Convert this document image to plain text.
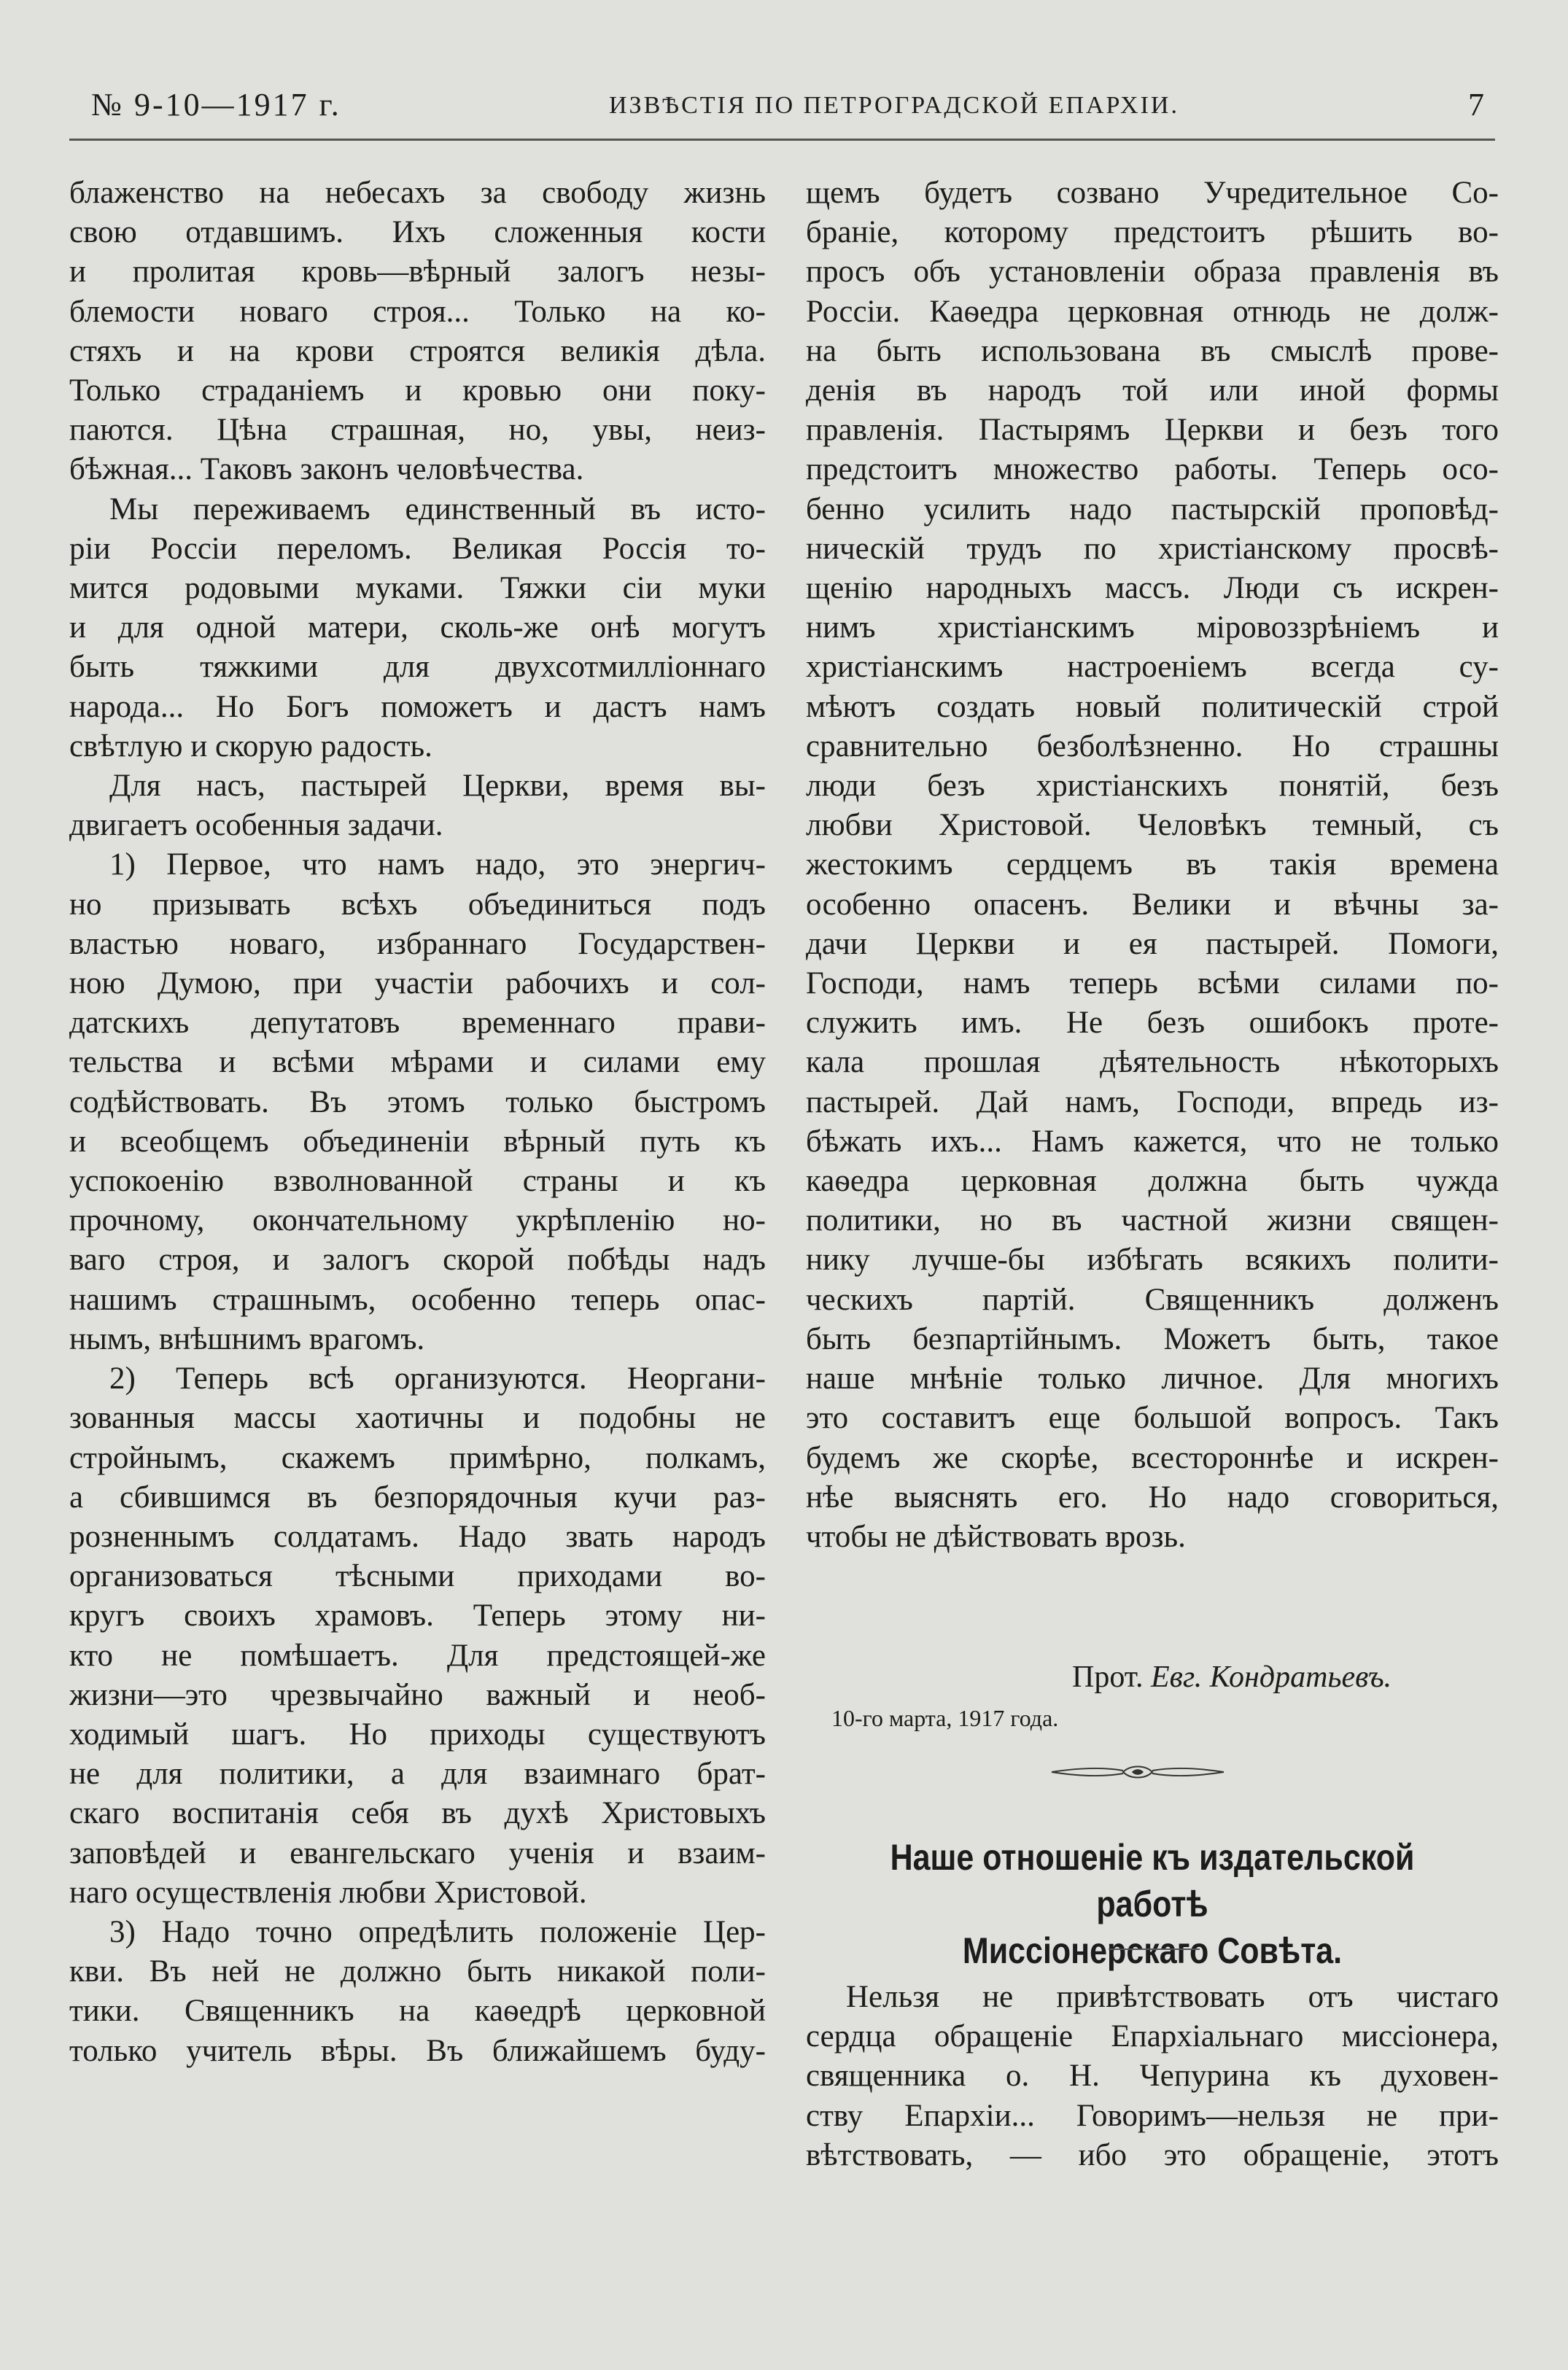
№ 9-10—1917 г.	ИЗВѢСТІЯ ПО ПЕТРОГРАДСКОЙ ЕПАРХІИ.	7
блаженство на небесахъ за свободу жизнь
свою отдавшимъ. Ихъ сложенныя кости
и пролитая кровь—вѣрный залогъ незы-
блемости новаго строя... Только на ко-
стяхъ и на крови строятся великія дѣла.
Только страданіемъ и кровью они поку-
паются. Цѣна страшная, но, увы, неиз-
бѣжная... Таковъ законъ человѣчества.
Мы переживаемъ единственный въ исто-
ріи Россіи переломъ. Великая Россія то-
мится родовыми муками. Тяжки сіи муки
и для одной матери, сколь-же онѣ могутъ
быть тяжкими для двухсотмилліоннаго
народа... Но Богъ поможетъ и дастъ намъ
свѣтлую и скорую радость.
Для насъ, пастырей Церкви, время вы-
двигаетъ особенныя задачи.
1) Первое, что намъ надо, это энергич-
но призывать всѣхъ объединиться подъ
властью новаго, избраннаго Государствен-
ною Думою, при участіи рабочихъ и сол-
датскихъ депутатовъ временнаго прави-
тельства и всѣми мѣрами и силами ему
содѣйствовать. Въ этомъ только быстромъ
и всеобщемъ объединеніи вѣрный путь къ
успокоенію взволнованной страны и къ
прочному, окончательному укрѣпленію но-
ваго строя, и залогъ скорой побѣды надъ
нашимъ страшнымъ, особенно теперь опас-
нымъ, внѣшнимъ врагомъ.
2) Теперь всѣ организуются. Неоргани-
зованныя массы хаотичны и подобны не
стройнымъ, скажемъ примѣрно, полкамъ,
а сбившимся въ безпорядочныя кучи раз-
розненнымъ солдатамъ. Надо звать народъ
организоваться тѣсными приходами во-
кругъ своихъ храмовъ. Теперь этому ни-
кто не помѣшаетъ. Для предстоящей-же
жизни—это чрезвычайно важный и необ-
ходимый шагъ. Но приходы существуютъ
не для политики, а для взаимнаго брат-
скаго воспитанія себя въ духѣ Христовыхъ
заповѣдей и евангельскаго ученія и взаим-
наго осуществленія любви Христовой.
3) Надо точно опредѣлить положеніе Цер-
кви. Въ ней не должно быть никакой поли-
тики. Священникъ на каѳедрѣ церковной
только учитель вѣры. Въ ближайшемъ буду-
щемъ будетъ созвано Учредительное Со-
браніе, которому предстоитъ рѣшить во-
просъ объ установленіи образа правленія въ
Россіи. Каѳедра церковная отнюдь не долж-
на быть использована въ смыслѣ прове-
денія въ народъ той или иной формы
правленія. Пастырямъ Церкви и безъ того
предстоитъ множество работы. Теперь осо-
бенно усилить надо пастырскій проповѣд-
ническій трудъ по христіанскому просвѣ-
щенію народныхъ массъ. Люди съ искрен-
нимъ христіанскимъ міровоззрѣніемъ и
христіанскимъ настроеніемъ всегда су-
мѣютъ создать новый политическій строй
сравнительно безболѣзненно. Но страшны
люди безъ христіанскихъ понятій, безъ
любви Христовой. Человѣкъ темный, съ
жестокимъ сердцемъ въ такія времена
особенно опасенъ. Велики и вѣчны за-
дачи Церкви и ея пастырей. Помоги,
Господи, намъ теперь всѣми силами по-
служить имъ. Не безъ ошибокъ проте-
кала прошлая дѣятельность нѣкоторыхъ
пастырей. Дай намъ, Господи, впредь из-
бѣжать ихъ... Намъ кажется, что не только
каѳедра церковная должна быть чужда
политики, но въ частной жизни священ-
нику лучше-бы избѣгать всякихъ полити-
ческихъ партій. Священникъ долженъ
быть безпартійнымъ. Можетъ быть, такое
наше мнѣніе только личное. Для многихъ
это составитъ еще большой вопросъ. Такъ
будемъ же скорѣе, всестороннѣе и искрен-
нѣе выяснять его. Но надо сговориться,
чтобы не дѣйствовать врозь.
Прот. Евг. Кондратьевъ.
10-го марта, 1917 года.
Наше отношеніе къ издательской работѣ
Миссіонерскаго Совѣта.
Нельзя не привѣтствовать отъ чистаго
сердца обращеніе Епархіальнаго миссіонера,
священника о. Н. Чепурина къ духовен-
ству Епархіи... Говоримъ—нельзя не при-
вѣтствовать, — ибо это обращеніе, этотъ
